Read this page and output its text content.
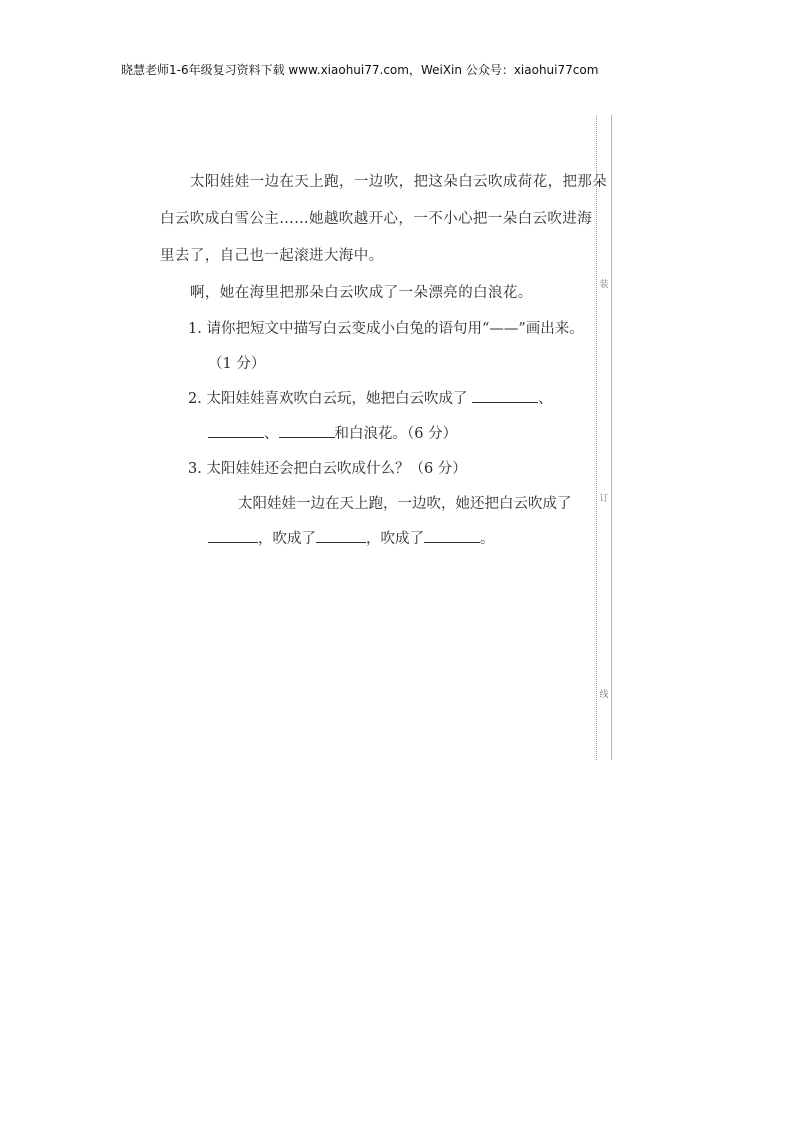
晓慧老师1-6年级复习资料下载 www.xiaohui77.com，WeiXin 公众号：xiaohui77com
太阳娃娃一边在天上跑，一边吹，把这朵白云吹成荷花，把那朵
白云吹成白雪公主……她越吹越开心，一不小心把一朵白云吹进海
里去了，自己也一起滚进大海中。
啊，她在海里把那朵白云吹成了一朵漂亮的白浪花。
1. 请你把短文中描写白云变成小白兔的语句用“——”画出来。
（1 分）
2. 太阳娃娃喜欢吹白云玩，她把白云吹成了	、
、	和白浪花。（6 分）
3. 太阳娃娃还会把白云吹成什么？（6 分）
太阳娃娃一边在天上跑，一边吹，她还把白云吹成了
，吹成了	，吹成了	。
装
订
线
